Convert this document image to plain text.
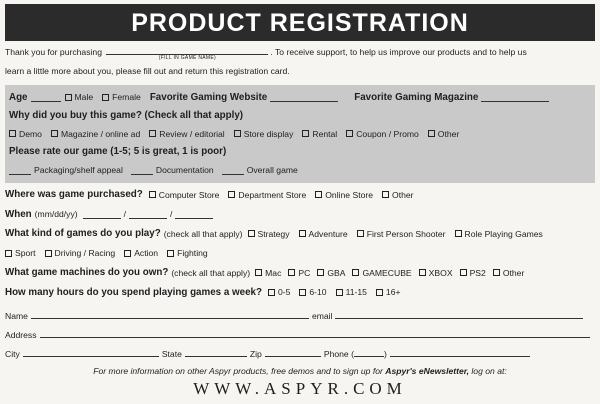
PRODUCT REGISTRATION
Thank you for purchasing
(FILL IN GAME NAME)
. To receive support, to help us improve our products and to help us
learn a little more about you, please fill out and return this registration card.
Age	Male Female Favorite Gaming Website	Favorite Gaming Magazine
Why did you buy this game? (Check all that apply)
Demo Magazine / online ad Review / editorial Store display Rental Coupon / Promo Other
Please rate our game (1-5; 5 is great, 1 is poor)
Packaging/shelf appeal	Documentation	Overall game
Where was game purchased? Computer Store Department Store Online Store Other
When (mm/dd/yy)	/	/
What kind of games do you play? (check all that apply) Strategy Adventure First Person Shooter Role Playing Games
Sport Driving / Racing Action Fighting
What game machines do you own? (check all that apply) Mac PC GBA GAMECUBE XBOX PS2 Other
How many hours do you spend playing games a week? 0-5 6-10 11-15 16+
Name	email
Address
City	State	Zip	Phone (	)
For more information on other Aspyr products, free demos and to sign up for Aspyr's eNewsletter, log on at:
WWW.ASPYR.COM
